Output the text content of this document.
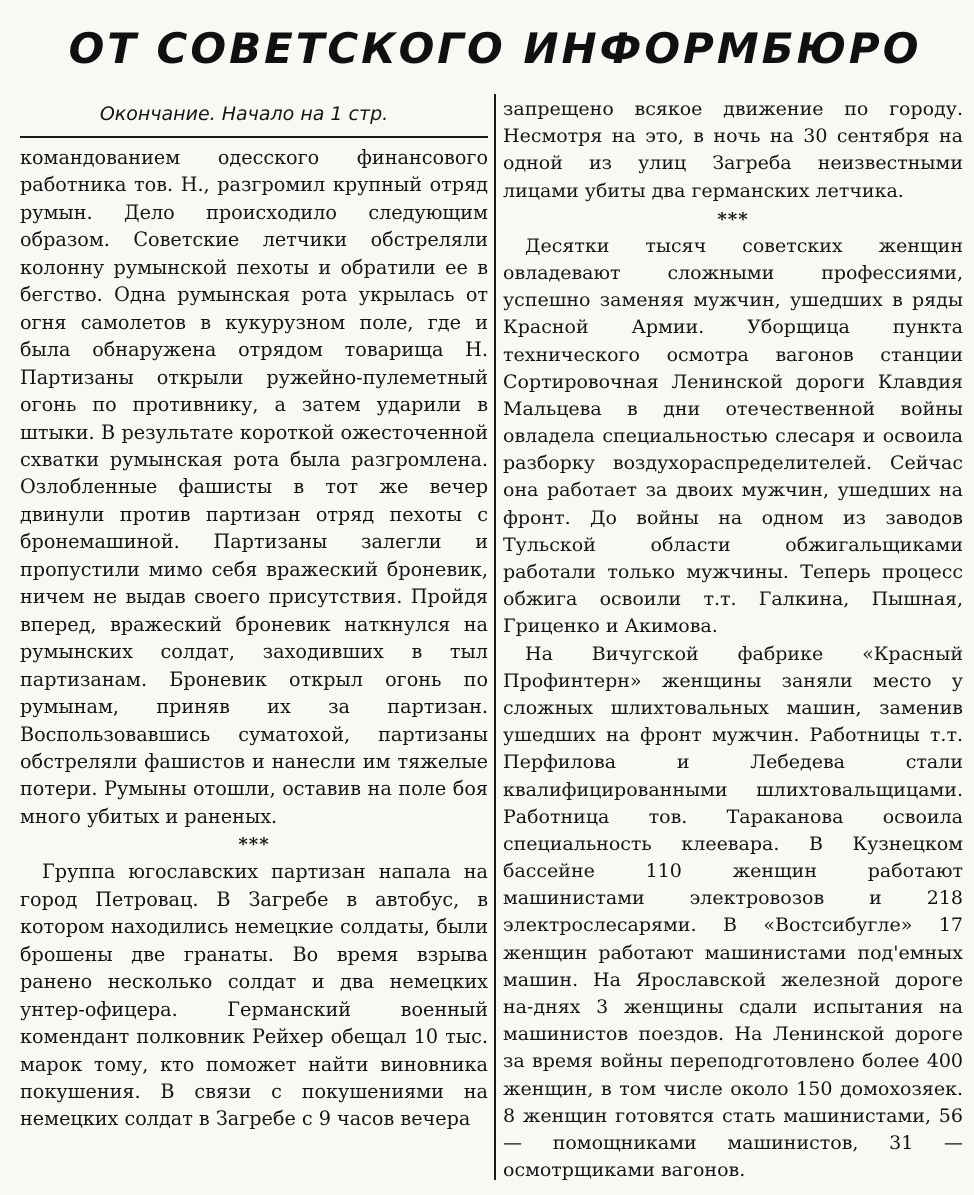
ОТ СОВЕТСКОГО ИНФОРМБЮРО

Окончание. Начало на 1 стр.

командованием одесского финансового работника тов. Н., разгромил крупный отряд румын. Дело происходило следующим образом. Советские летчики обстреляли колонну румынской пехоты и обратили ее в бегство. Одна румынская рота укрылась от огня самолетов в кукурузном поле, где и была обнаружена отрядом товарища Н. Партизаны открыли ружейно-пулеметный огонь по противнику, а затем ударили в штыки. В результате короткой ожесточенной схватки румынская рота была разгромлена. Озлобленные фашисты в тот же вечер двинули против партизан отряд пехоты с бронемашиной. Партизаны залегли и пропустили мимо себя вражеский броневик, ничем не выдав своего присутствия. Пройдя вперед, вражеский броневик наткнулся на румынских солдат, заходивших в тыл партизанам. Броневик открыл огонь по румынам, приняв их за партизан. Воспользовавшись суматохой, партизаны обстреляли фашистов и нанесли им тяжелые потери. Румыны отошли, оставив на поле боя много убитых и раненых.

***

Группа югославских партизан напала на город Петровац. В Загребе в автобус, в котором находились немецкие солдаты, были брошены две гранаты. Во время взрыва ранено несколько солдат и два немецких унтер-офицера. Германский военный комендант полковник Рейхер обещал 10 тыс. марок тому, кто поможет найти виновника покушения. В связи с покушениями на немецких солдат в Загребе с 9 часов вечера

запрещено всякое движение по городу. Несмотря на это, в ночь на 30 сентября на одной из улиц Загреба неизвестными лицами убиты два германских летчика.

***

Десятки тысяч советских женщин овладевают сложными профессиями, успешно заменяя мужчин, ушедших в ряды Красной Армии. Уборщица пункта технического осмотра вагонов станции Сортировочная Ленинской дороги Клавдия Мальцева в дни отечественной войны овладела специальностью слесаря и освоила разборку воздухораспределителей. Сейчас она работает за двоих мужчин, ушедших на фронт. До войны на одном из заводов Тульской области обжигальщиками работали только мужчины. Теперь процесс обжига освоили т.т. Галкина, Пышная, Гриценко и Акимова.

На Вичугской фабрике «Красный Профинтерн» женщины заняли место у сложных шлихтовальных машин, заменив ушедших на фронт мужчин. Работницы т.т. Перфилова и Лебедева стали квалифицированными шлихтовальщицами. Работница тов. Тараканова освоила специальность клеевара. В Кузнецком бассейне 110 женщин работают машинистами электровозов и 218 электрослесарями. В «Востсибугле» 17 женщин работают машинистами под'емных машин. На Ярославской железной дороге на-днях 3 женщины сдали испытания на машинистов поездов. На Ленинской дороге за время войны переподготовлено более 400 женщин, в том числе около 150 домохозяек. 8 женщин готовятся стать машинистами, 56 — помощниками машинистов, 31 — осмотрщиками вагонов.
